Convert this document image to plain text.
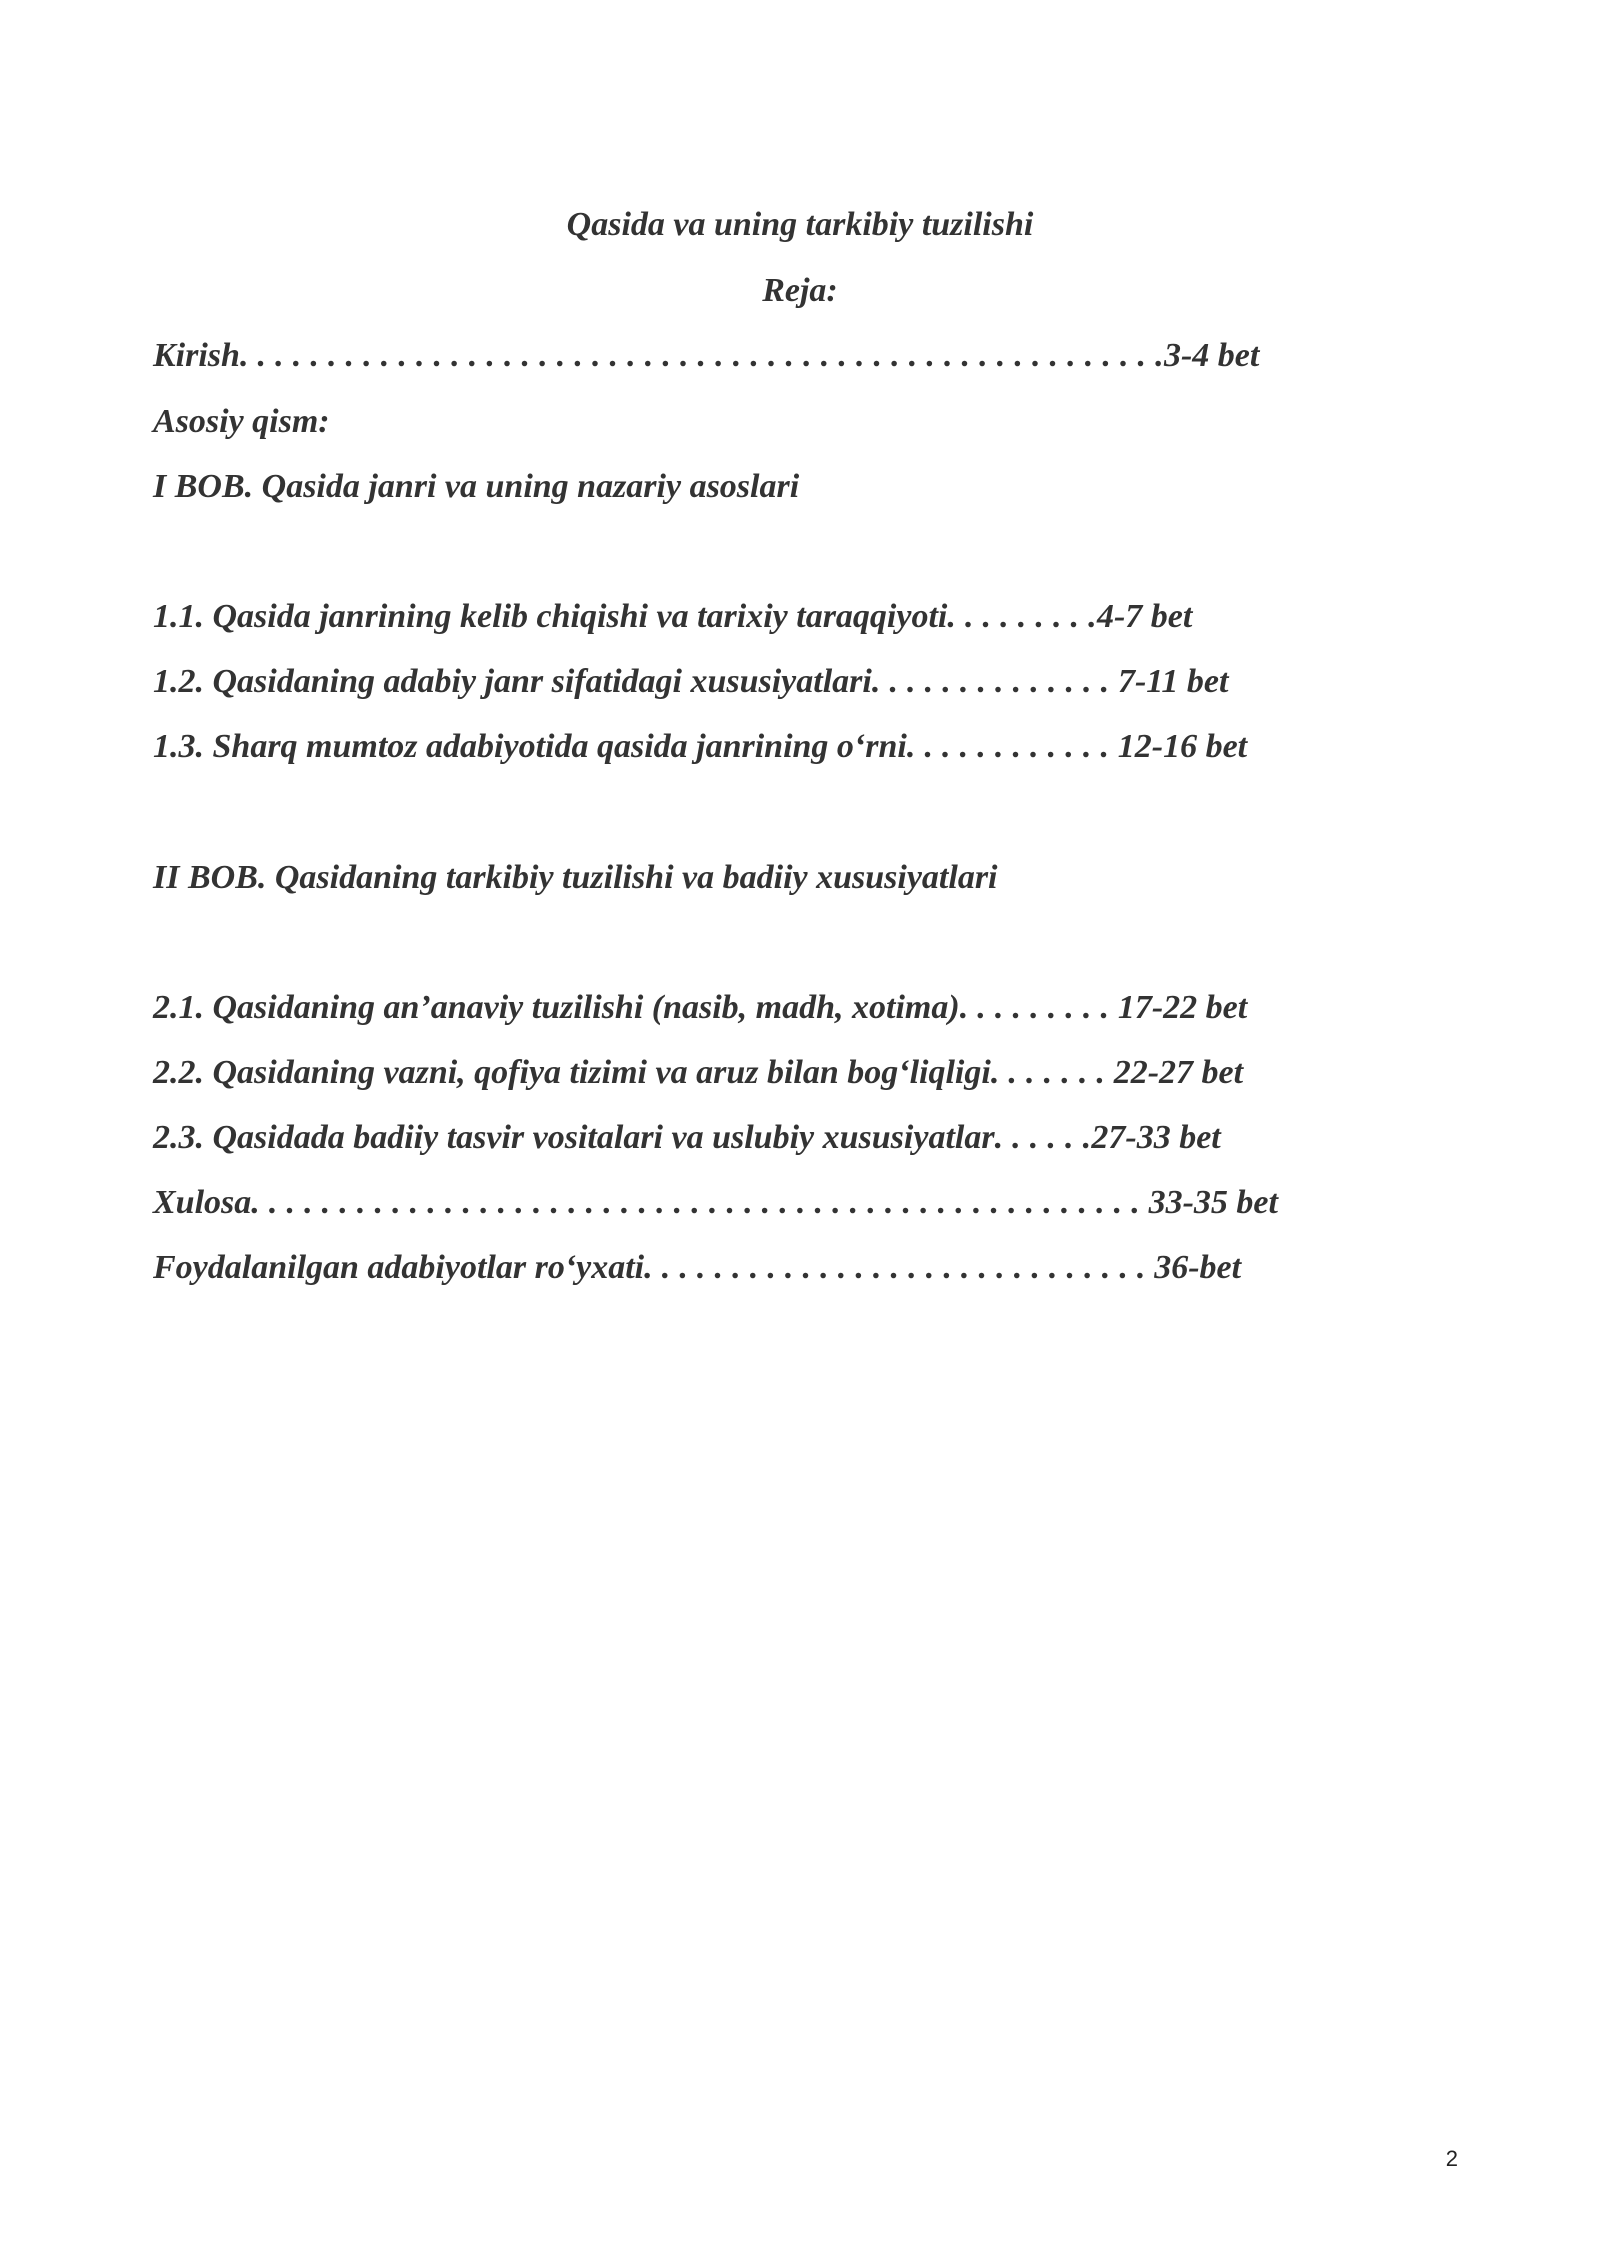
Qasida va uning tarkibiy tuzilishi
Reja:
Kirish. . . . . . . . . . . . . . . . . . . . . . . . . . . . . . . . . . . . . . . . . . . . . . . . . . . . .3-4 bet
Asosiy qism:
I BOB. Qasida janri va uning nazariy asoslari
1.1. Qasida janrining kelib chiqishi va tarixiy taraqqiyoti. . . . . . . . .4-7 bet
1.2. Qasidaning adabiy janr sifatidagi xususiyatlari. . . . . . . . . . . . . . 7-11 bet
1.3. Sharq mumtoz adabiyotida qasida janrining o‘rni. . . . . . . . . . . . 12-16 bet
II BOB. Qasidaning tarkibiy tuzilishi va badiiy xususiyatlari
2.1. Qasidaning an’anaviy tuzilishi (nasib, madh, xotima). . . . . . . . . 17-22 bet
2.2. Qasidaning vazni, qofiya tizimi va aruz bilan bog‘liqligi. . . . . . . 22-27 bet
2.3. Qasidada badiiy tasvir vositalari va uslubiy xususiyatlar. . . . . .27-33 bet
Xulosa. . . . . . . . . . . . . . . . . . . . . . . . . . . . . . . . . . . . . . . . . . . . . . . . . . . 33-35 bet
Foydalanilgan adabiyotlar ro‘yxati. . . . . . . . . . . . . . . . . . . . . . . . . . . . . 36-bet
2
